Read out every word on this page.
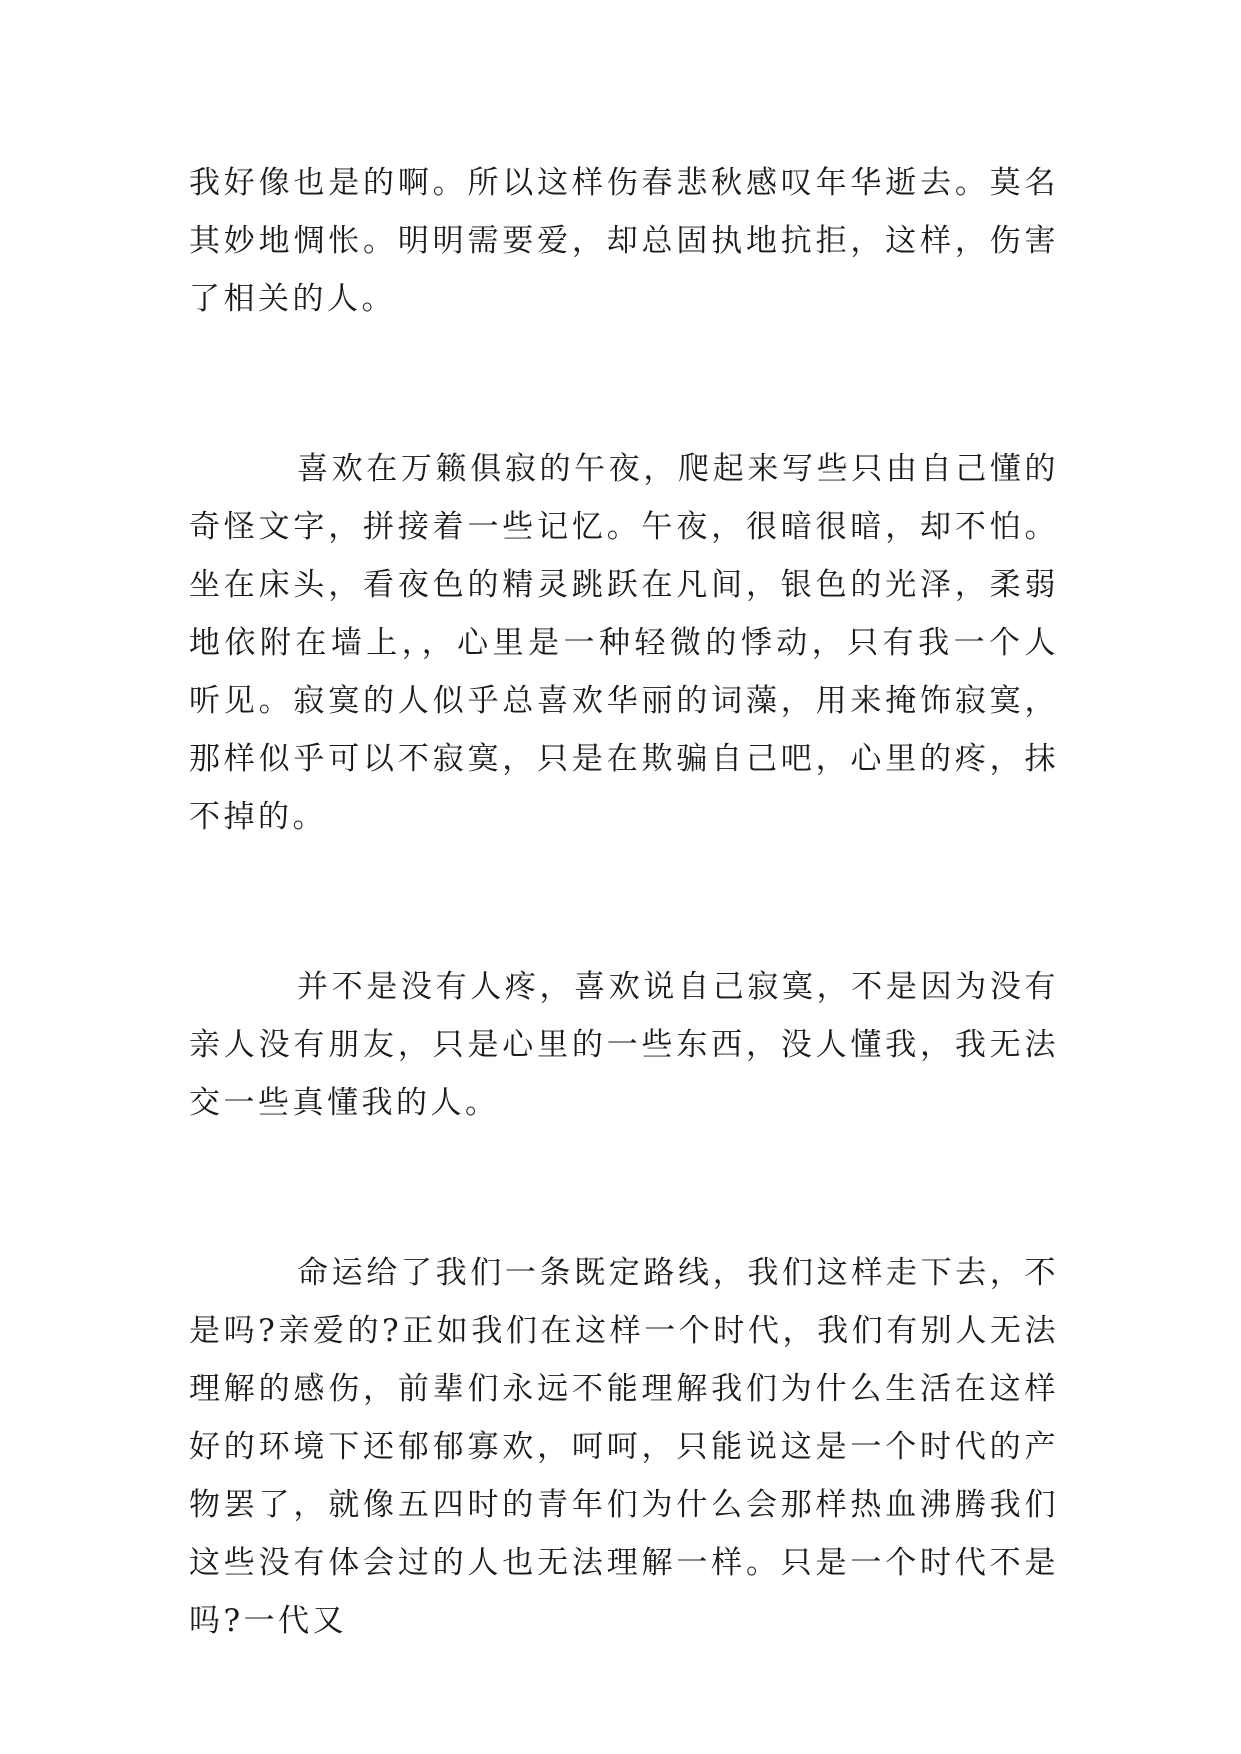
我好像也是的啊。所以这样伤春悲秋感叹年华逝去。莫名其妙地惆怅。明明需要爱，却总固执地抗拒，这样，伤害了相关的人。

喜欢在万籁俱寂的午夜，爬起来写些只由自己懂的奇怪文字，拼接着一些记忆。午夜，很暗很暗，却不怕。坐在床头，看夜色的精灵跳跃在凡间，银色的光泽，柔弱地依附在墙上，，心里是一种轻微的悸动，只有我一个人听见。寂寞的人似乎总喜欢华丽的词藻，用来掩饰寂寞，那样似乎可以不寂寞，只是在欺骗自己吧，心里的疼，抹不掉的。

并不是没有人疼，喜欢说自己寂寞，不是因为没有亲人没有朋友，只是心里的一些东西，没人懂我，我无法交一些真懂我的人。

命运给了我们一条既定路线，我们这样走下去，不是吗?亲爱的?正如我们在这样一个时代，我们有别人无法理解的感伤，前辈们永远不能理解我们为什么生活在这样好的环境下还郁郁寡欢，呵呵，只能说这是一个时代的产物罢了，就像五四时的青年们为什么会那样热血沸腾我们这些没有体会过的人也无法理解一样。只是一个时代不是吗?一代又
